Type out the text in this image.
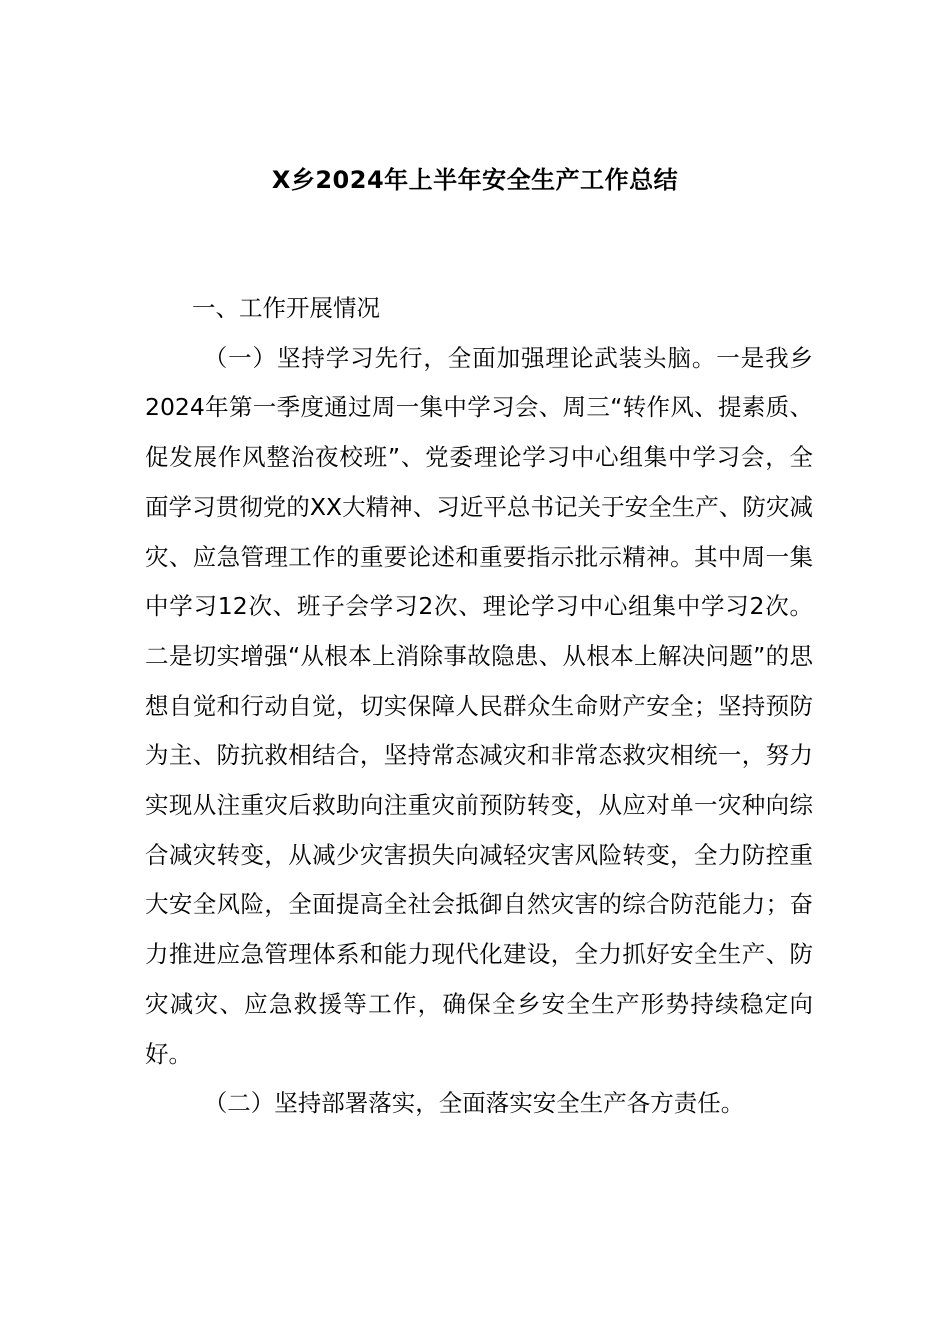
X乡2024年上半年安全生产工作总结

一、工作开展情况

（一）坚持学习先行，全面加强理论武装头脑。一是我乡2024年第一季度通过周一集中学习会、周三“转作风、提素质、促发展作风整治夜校班”、党委理论学习中心组集中学习会，全面学习贯彻党的XX大精神、习近平总书记关于安全生产、防灾减灾、应急管理工作的重要论述和重要指示批示精神。其中周一集中学习12次、班子会学习2次、理论学习中心组集中学习2次。二是切实增强“从根本上消除事故隐患、从根本上解决问题”的思想自觉和行动自觉，切实保障人民群众生命财产安全；坚持预防为主、防抗救相结合，坚持常态减灾和非常态救灾相统一，努力实现从注重灾后救助向注重灾前预防转变，从应对单一灾种向综合减灾转变，从减少灾害损失向减轻灾害风险转变，全力防控重大安全风险，全面提高全社会抵御自然灾害的综合防范能力；奋力推进应急管理体系和能力现代化建设，全力抓好安全生产、防灾减灾、应急救援等工作，确保全乡安全生产形势持续稳定向好。

（二）坚持部署落实，全面落实安全生产各方责任。
